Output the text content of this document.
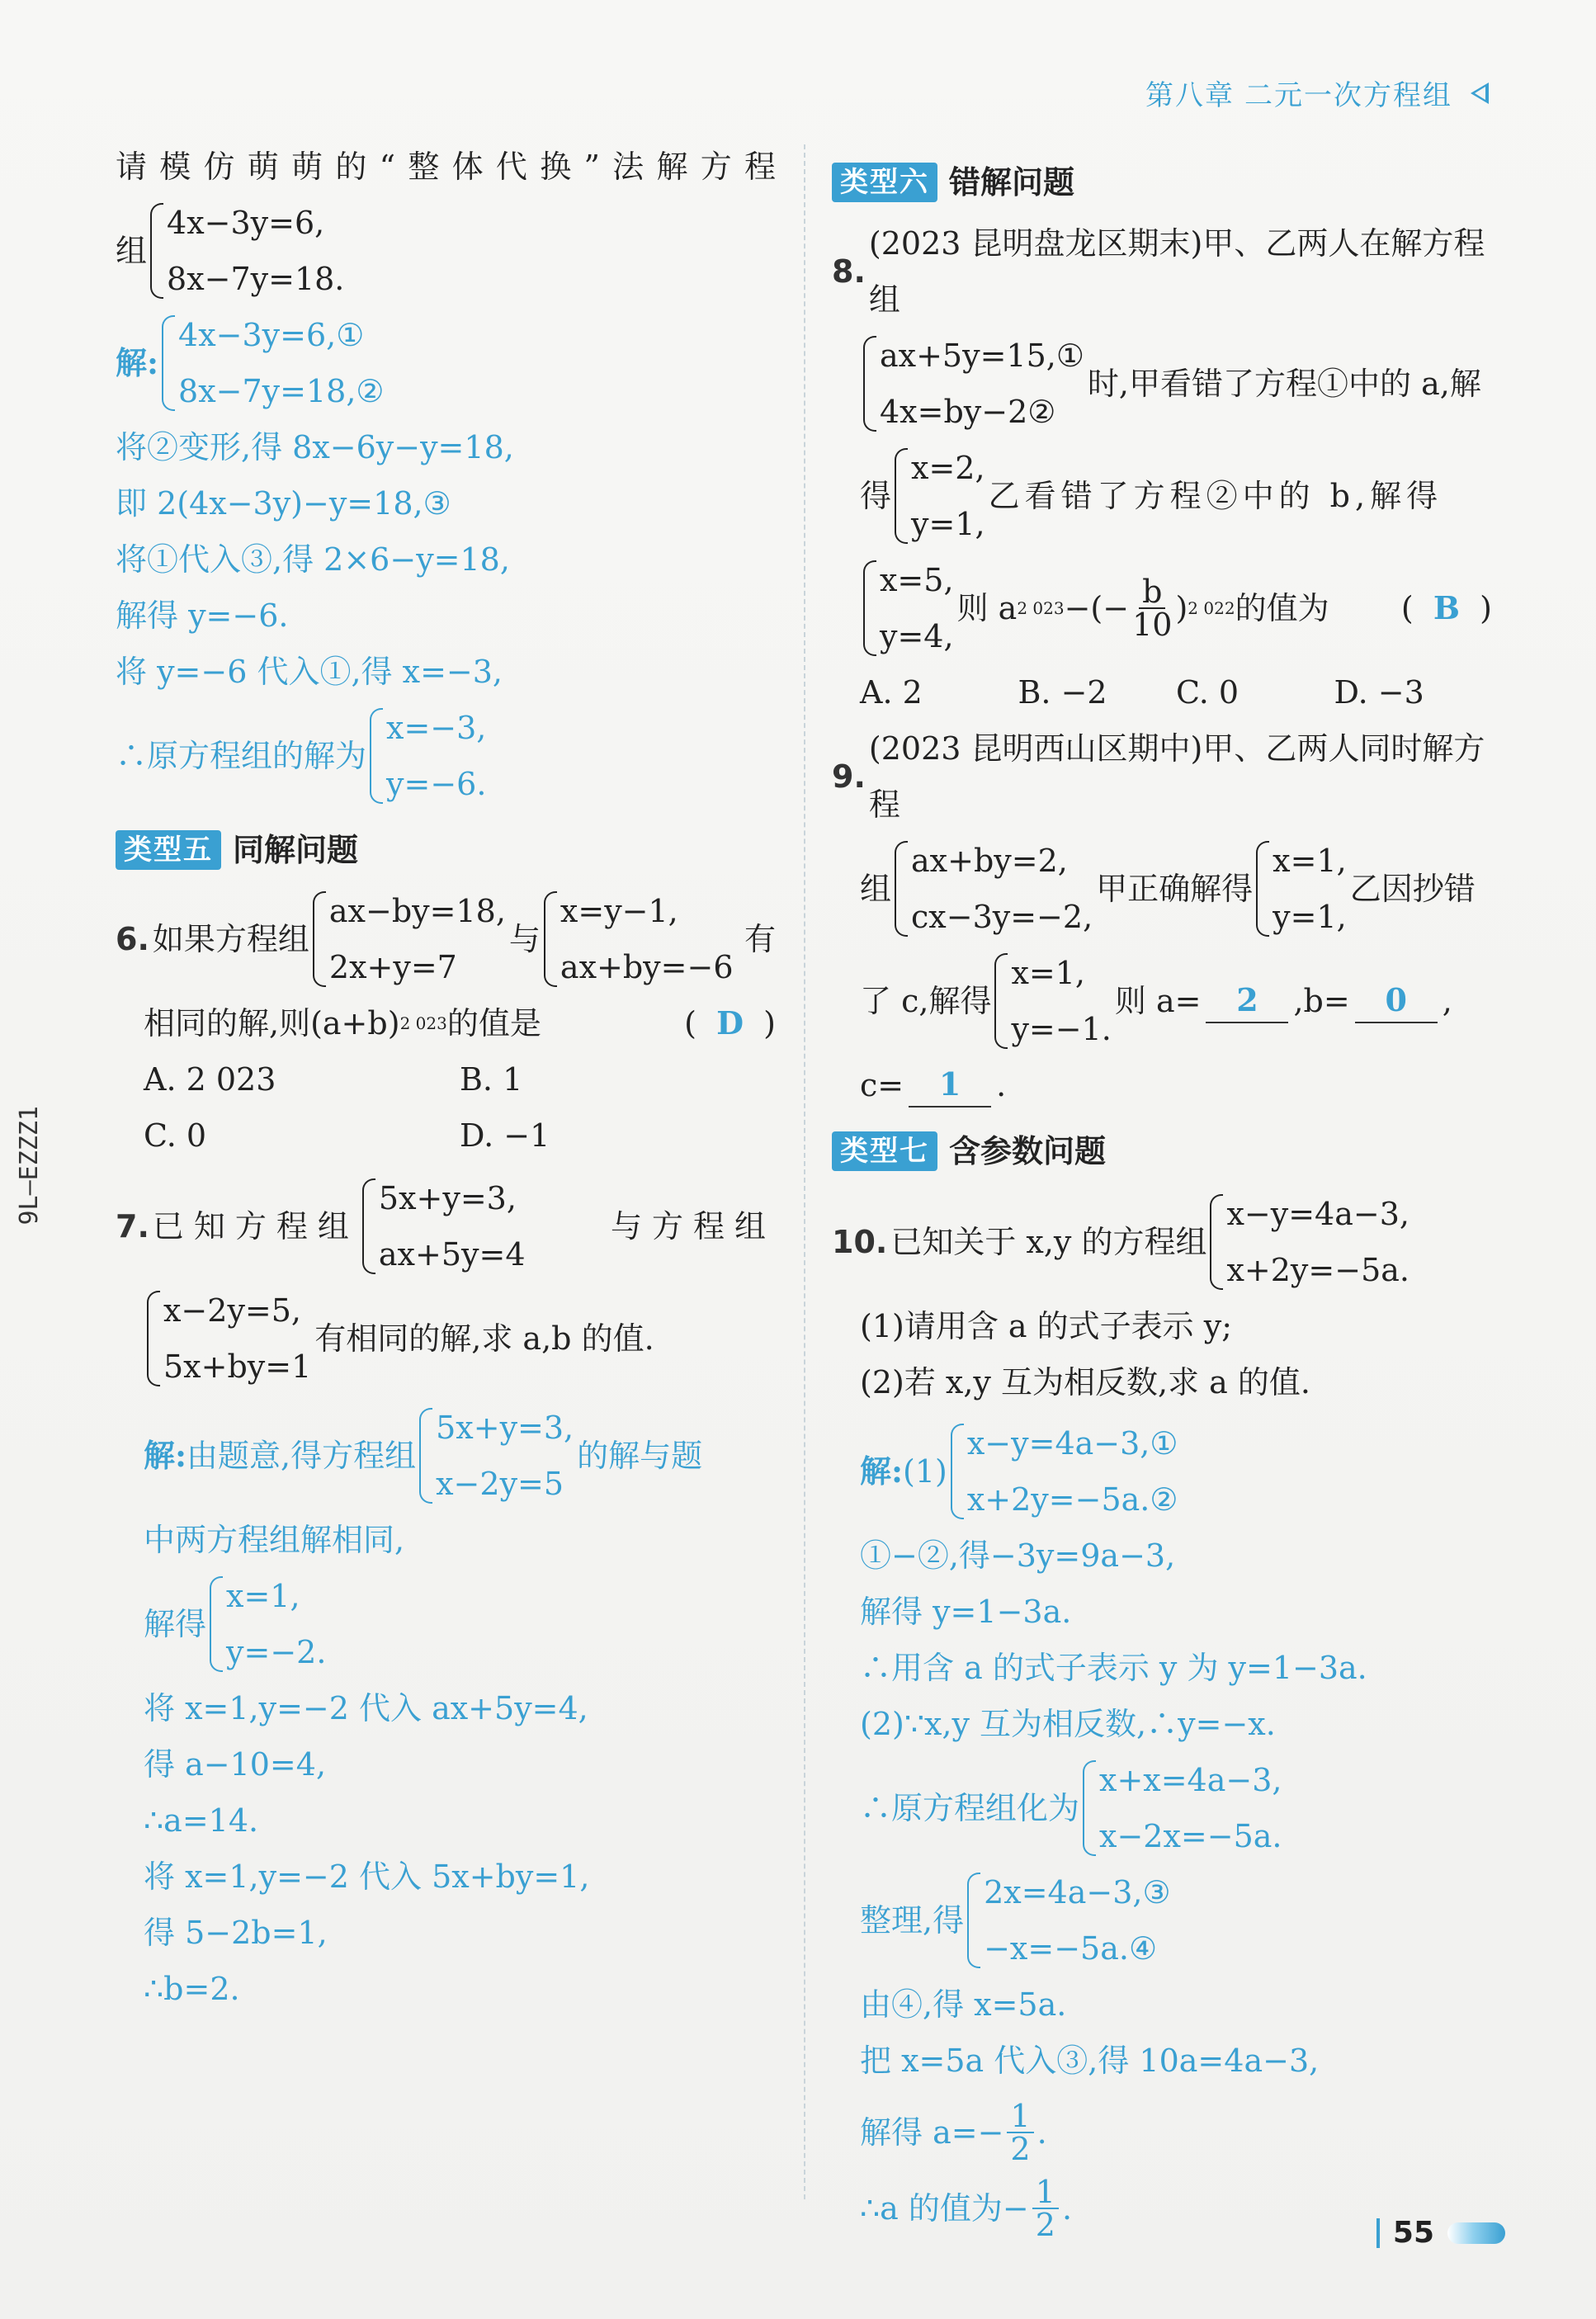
第八章 二元一次方程组
9L—EZZZ1
请模仿萌萌的“整体代换”法解方程
组
4x−3y=6,
8x−7y=18.
解:
4x−3y=6,①
8x−7y=18,②
将②变形,得 8x−6y−y=18,
即 2(4x−3y)−y=18,③
将①代入③,得 2×6−y=18,
解得 y=−6.
将 y=−6 代入①,得 x=−3,
∴原方程组的解为
x=−3,
y=−6.
类型五 同解问题
6. 如果方程组
ax−by=18,
2x+y=7
与
x=y−1,
ax+by=−6
有
相同的解,则(a+b) 2 023 的值是	(  D  )
A. 2 023	B. 1
C. 0	D. −1
7. 已知方程组
5x+y=3,
ax+5y=4
与方程组
x−2y=5,
5x+by=1
有相同的解,求 a,b 的值.
解: 由题意,得方程组
5x+y=3,
x−2y=5
的解与题
中两方程组解相同,
解得
x=1,
y=−2.
将 x=1,y=−2 代入 ax+5y=4,
得 a−10=4,
∴a=14.
将 x=1,y=−2 代入 5x+by=1,
得 5−2b=1,
∴b=2.
类型六 错解问题
8.
(2023 昆明盘龙区期末)甲、乙两人在解方程组
ax+5y=15,①
4x=by−2②
时,甲看错了方程①中的 a,解
得
x=2,
y=1,
乙看错了方程②中的 b,解得
x=5,
y=4,
则 a 2 023 −(− $\frac{b}{10}$ ) 2 022 的值为 (  B  )
A. 2	B. −2	C. 0	D. −3
9.
(2023 昆明西山区期中)甲、乙两人同时解方程
组
ax+by=2,
cx−3y=−2,
甲正确解得
x=1,
y=1,
乙因抄错
了 c,解得
x=1,
y=−1.
则 a=	2	,b=	0	,
c=	1	.
类型七 含参数问题
10. 已知关于 x,y 的方程组
x−y=4a−3,
x+2y=−5a.
(1)请用含 a 的式子表示 y;
(2)若 x,y 互为相反数,求 a 的值.
解: (1)
x−y=4a−3,①
x+2y=−5a.②
①−②,得−3y=9a−3,
解得 y=1−3a.
∴用含 a 的式子表示 y 为 y=1−3a.
(2)∵x,y 互为相反数,∴y=−x.
∴原方程组化为
x+x=4a−3,
x−2x=−5a.
整理,得
2x=4a−3,③
−x=−5a.④
由④,得 x=5a.
把 x=5a 代入③,得 10a=4a−3,
解得 $a=- \frac{1}{2}$ .
∴a 的值为− $\frac{1}{2}$ .
55
